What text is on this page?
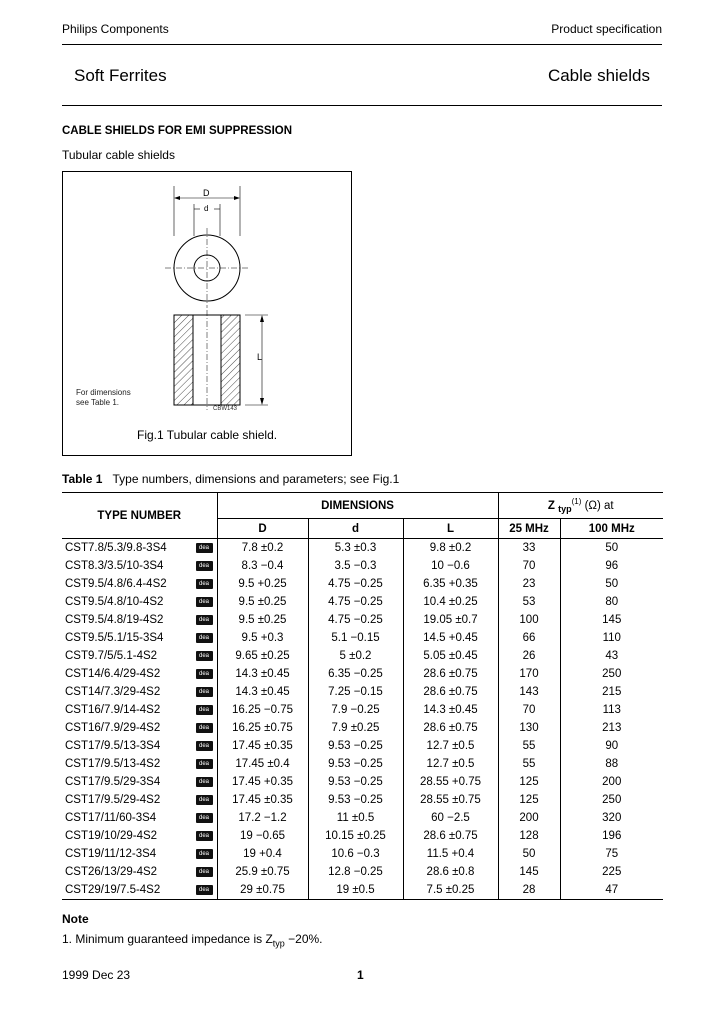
Philips Components	Product specification
Soft Ferrites	Cable shields
CABLE SHIELDS FOR EMI SUPPRESSION
Tubular cable shields
D
d
L
For dimensions
see Table 1.
CBW143
Fig.1 Tubular cable shield.
Table 1 Type numbers, dimensions and parameters; see Fig.1
TYPE NUMBER	DIMENSIONS			Z $_{typ}^{(1)}$ (Ω) at	
	D	d	L	25 MHz	100 MHz

dea
CST7.8/5.3/9.8-3S4	7.8 ±0.2	5.3 ±0.3	9.8 ±0.2	33	50

dea
CST8.3/3.5/10-3S4	8.3 −0.4	3.5 −0.3	10 −0.6	70	96

dea
CST9.5/4.8/6.4-4S2	9.5 +0.25	4.75 −0.25	6.35 +0.35	23	50

dea
CST9.5/4.8/10-4S2	9.5 ±0.25	4.75 −0.25	10.4 ±0.25	53	80

dea
CST9.5/4.8/19-4S2	9.5 ±0.25	4.75 −0.25	19.05 ±0.7	100	145

dea
CST9.5/5.1/15-3S4	9.5 +0.3	5.1 −0.15	14.5 +0.45	66	110

dea
CST9.7/5/5.1-4S2	9.65 ±0.25	5 ±0.2	5.05 ±0.45	26	43

dea
CST14/6.4/29-4S2	14.3 ±0.45	6.35 −0.25	28.6 ±0.75	170	250

dea
CST14/7.3/29-4S2	14.3 ±0.45	7.25 −0.15	28.6 ±0.75	143	215

dea
CST16/7.9/14-4S2	16.25 −0.75	7.9 −0.25	14.3 ±0.45	70	113

dea
CST16/7.9/29-4S2	16.25 ±0.75	7.9 ±0.25	28.6 ±0.75	130	213

dea
CST17/9.5/13-3S4	17.45 ±0.35	9.53 −0.25	12.7 ±0.5	55	90

dea
CST17/9.5/13-4S2	17.45 ±0.4	9.53 −0.25	12.7 ±0.5	55	88

dea
CST17/9.5/29-3S4	17.45 +0.35	9.53 −0.25	28.55 +0.75	125	200

dea
CST17/9.5/29-4S2	17.45 ±0.35	9.53 −0.25	28.55 ±0.75	125	250

dea
CST17/11/60-3S4	17.2 −1.2	11 ±0.5	60 −2.5	200	320

dea
CST19/10/29-4S2	19 −0.65	10.15 ±0.25	28.6 ±0.75	128	196

dea
CST19/11/12-3S4	19 +0.4	10.6 −0.3	11.5 +0.4	50	75

dea
CST26/13/29-4S2	25.9 ±0.75	12.8 −0.25	28.6 ±0.8	145	225

dea
CST29/19/7.5-4S2	29 ±0.75	19 ±0.5	7.5 ±0.25	28	47
Note
1. Minimum guaranteed impedance is $Z_{typ} -20\%$.
1999 Dec 23	1
